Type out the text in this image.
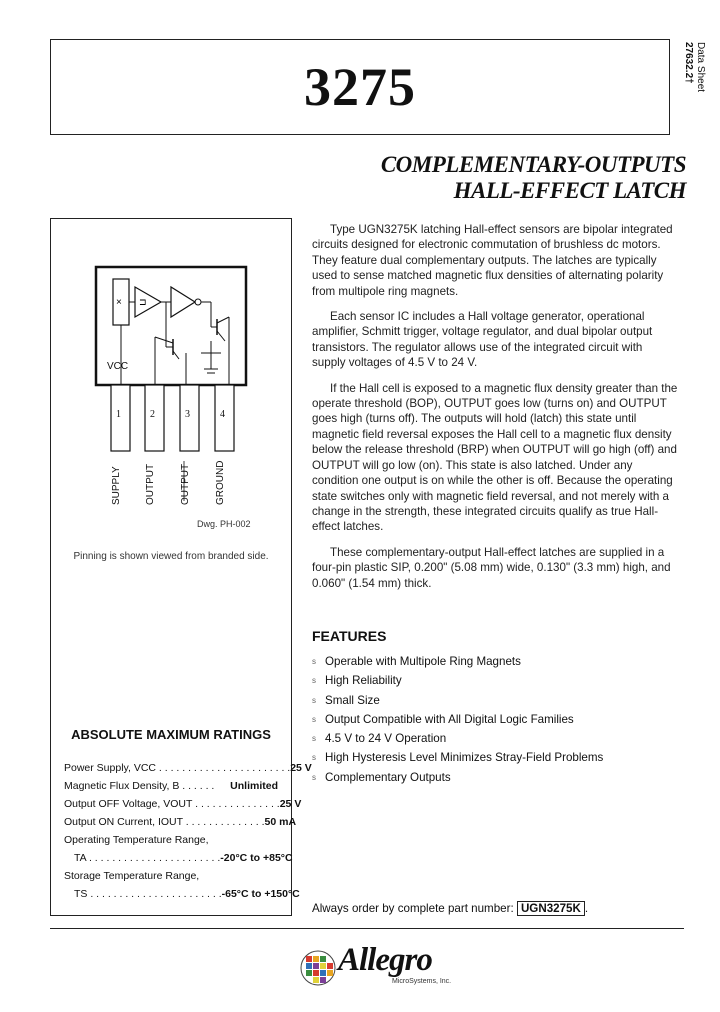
3275	Data Sheet
27632.2†
COMPLEMENTARY-OUTPUTS
HALL-EFFECT LATCH
× ⊐
VCC
1	2	3	4
SUPPLY OUTPUT OUTPUT GROUND
Dwg. PH-002
Pinning is shown viewed from branded side.
ABSOLUTE MAXIMUM RATINGS
Power Supply, VCC . . . . . . . . . . . . . . . . . . . . . . . 25 V
Magnetic Flux Density, B . . . . . . Unlimited
Output OFF Voltage, VOUT . . . . . . . . . . . . . . . 25 V
Output ON Current, IOUT . . . . . . . . . . . . . . 50 mA
Operating Temperature Range,
TA . . . . . . . . . . . . . . . . . . . . . . . -20°C to +85°C
Storage Temperature Range,
TS . . . . . . . . . . . . . . . . . . . . . . . -65°C to +150°C

Type UGN3275K latching Hall-effect sensors are bipolar integrated circuits designed for electronic commutation of brushless dc motors. They feature dual complementary outputs. The latches are typically used to sense matched magnetic flux densities of alternating polarity from multipole ring magnets.

Each sensor IC includes a Hall voltage generator, operational amplifier, Schmitt trigger, voltage regulator, and dual bipolar output transistors. The regulator allows use of the integrated circuit with supply voltages of 4.5 V to 24 V.

If the Hall cell is exposed to a magnetic flux density greater than the operate threshold (BOP), OUTPUT goes low (turns on) and OUTPUT goes high (turns off). The outputs will hold (latch) this state until magnetic field reversal exposes the Hall cell to a magnetic flux density below the release threshold (BRP) when OUTPUT will go high (off) and OUTPUT will go low (on). This state is also latched. Under any condition one output is on while the other is off. Because the operating state switches only with magnetic field reversal, and not merely with a change in the strength, these integrated circuits qualify as true Hall-effect latches.

These complementary-output Hall-effect latches are supplied in a four-pin plastic SIP, 0.200" (5.08 mm) wide, 0.130" (3.3 mm) high, and 0.060" (1.54 mm) thick.

FEATURES
s Operable with Multipole Ring Magnets
s High Reliability
s Small Size
s Output Compatible with All Digital Logic Families
s 4.5 V to 24 V Operation
s High Hysteresis Level Minimizes Stray-Field Problems
s Complementary Outputs
Always order by complete part number: UGN3275K .
Allegro
MicroSystems, Inc.
